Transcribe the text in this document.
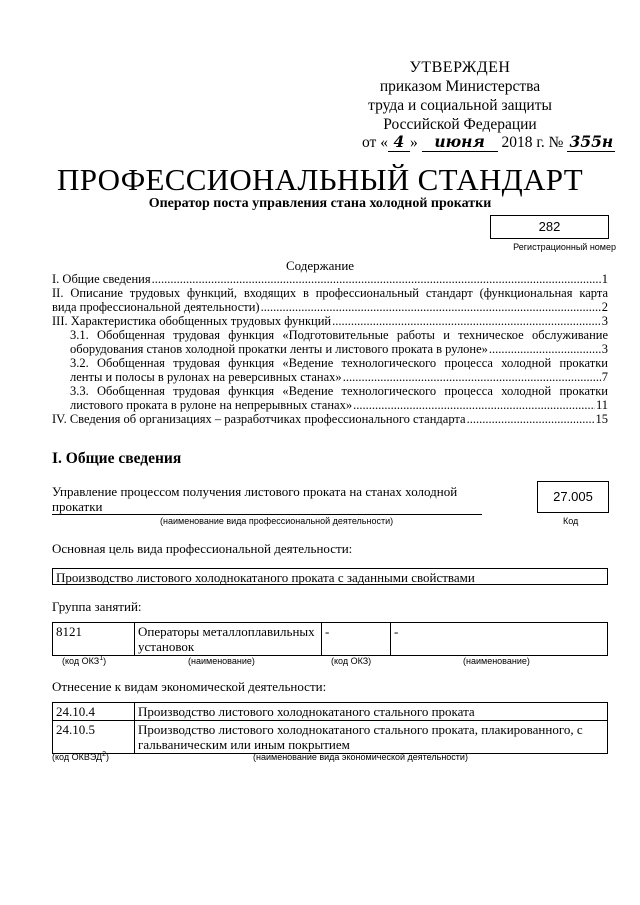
УТВЕРЖДЕН
приказом Министерства
труда и социальной защиты
Российской Федерации
от « 4 » июня 2018 г. № 355н
ПРОФЕССИОНАЛЬНЫЙ СТАНДАРТ
Оператор поста управления стана холодной прокатки
282
Регистрационный номер
Содержание
I. Общие сведения .....	1
II. Описание трудовых функций, входящих в профессиональный стандарт (функциональная карта
вида профессиональной деятельности) .....	2
III. Характеристика обобщенных трудовых функций .....	3
3.1. Обобщенная трудовая функция «Подготовительные работы и техническое обслуживание
оборудования станов холодной прокатки ленты и листового проката в рулоне» .....	3
3.2. Обобщенная трудовая функция «Ведение технологического процесса холодной прокатки
ленты и полосы в рулонах на реверсивных станах» .....	7
3.3. Обобщенная трудовая функция «Ведение технологического процесса холодной прокатки
листового проката в рулоне на непрерывных станах» .....	11
IV. Сведения об организациях – разработчиках профессионального стандарта .....	15
I. Общие сведения
Управление процессом получения листового проката на станах холодной прокатки
27.005
(наименование вида профессиональной деятельности)	Код
Основная цель вида профессиональной деятельности:
Производство листового холоднокатаного проката с заданными свойствами
Группа занятий:
8121	Операторы металлоплавильных установок	-	-
(код ОКЗ$^1$)	(наименование)	(код ОКЗ)	(наименование)
Отнесение к видам экономической деятельности:
24.10.4	Производство листового холоднокатаного стального проката
24.10.5	Производство листового холоднокатаного стального проката, плакированного, с гальваническим или иным покрытием
(код ОКВЭД$^2$)	(наименование вида экономической деятельности)
